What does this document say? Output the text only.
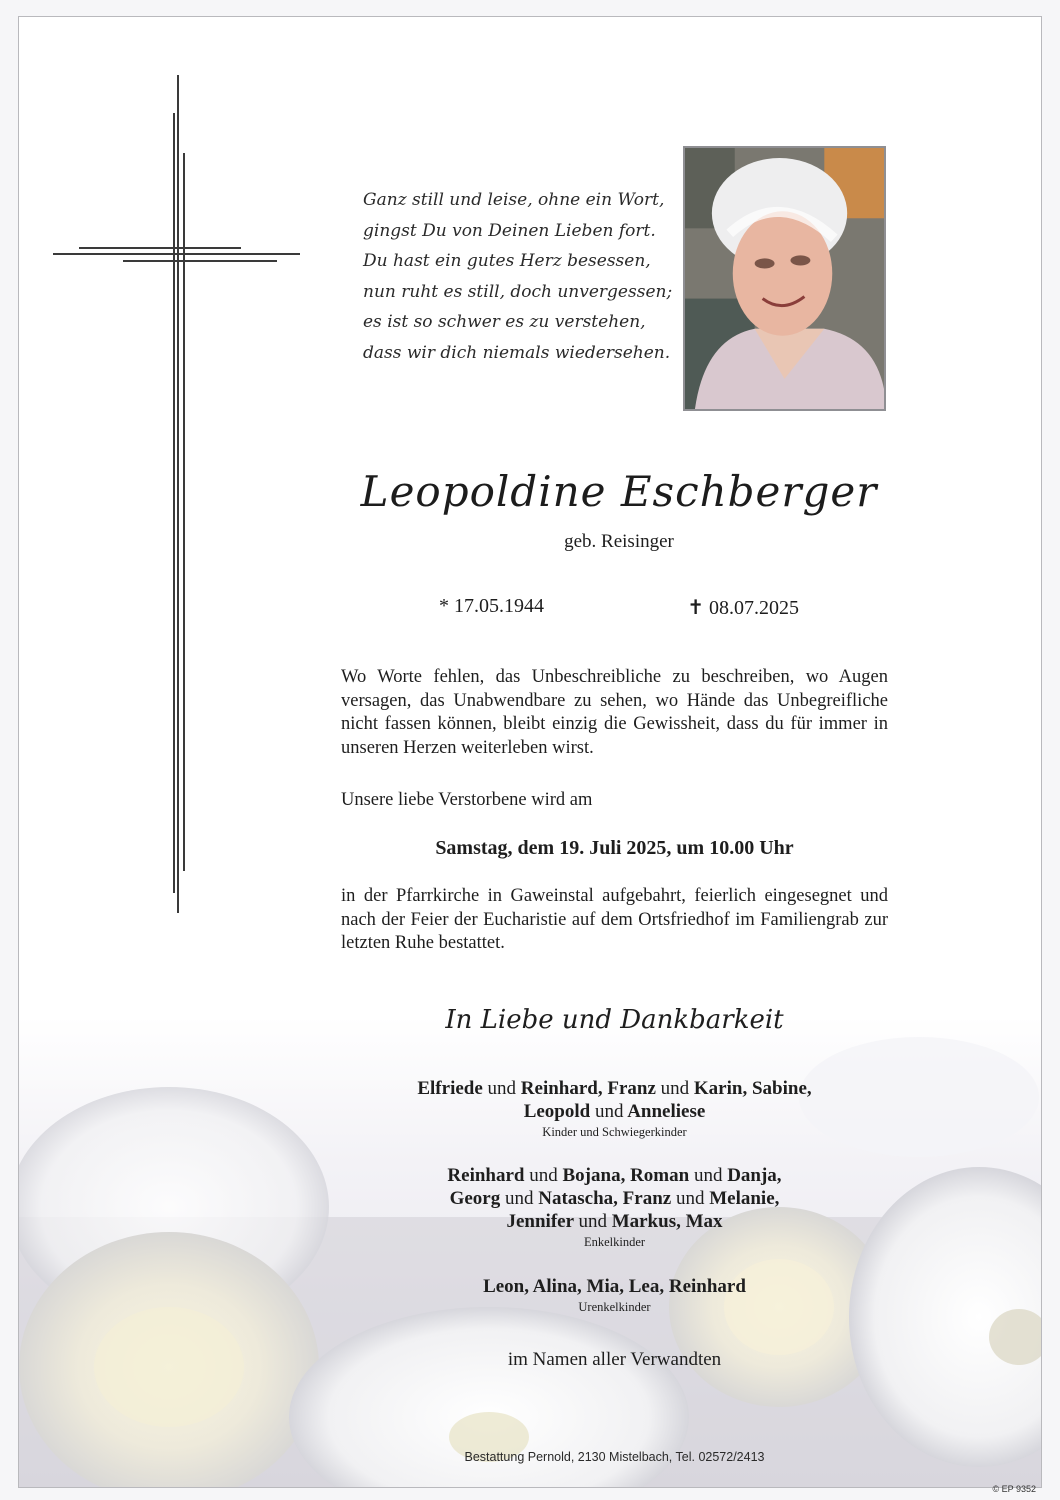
Ganz still und leise, ohne ein Wort,
gingst Du von Deinen Lieben fort.
Du hast ein gutes Herz besessen,
nun ruht es still, doch unvergessen;
es ist so schwer es zu verstehen,
dass wir dich niemals wiedersehen.
Leopoldine Eschberger
geb. Reisinger
* 17.05.1944	✝ 08.07.2025
Wo Worte fehlen, das Unbeschreibliche zu beschreiben, wo Augen versagen, das Unabwendbare zu sehen, wo Hände das Unbegreifliche nicht fassen können, bleibt einzig die Gewissheit, dass du für immer in unseren Herzen weiterleben wirst.
Unsere liebe Verstorbene wird am
Samstag, dem 19. Juli 2025, um 10.00 Uhr
in der Pfarrkirche in Gaweinstal aufgebahrt, feierlich eingesegnet und nach der Feier der Eucharistie auf dem Ortsfriedhof im Familiengrab zur letzten Ruhe bestattet.
In Liebe und Dankbarkeit
Elfriede und Reinhard, Franz und Karin, Sabine,
Leopold und Anneliese
Kinder und Schwiegerkinder
Reinhard und Bojana, Roman und Danja,
Georg und Natascha, Franz und Melanie,
Jennifer und Markus, Max
Enkelkinder
Leon, Alina, Mia, Lea, Reinhard
Urenkelkinder
im Namen aller Verwandten
Bestattung Pernold, 2130 Mistelbach, Tel. 02572/2413
© EP 9352
